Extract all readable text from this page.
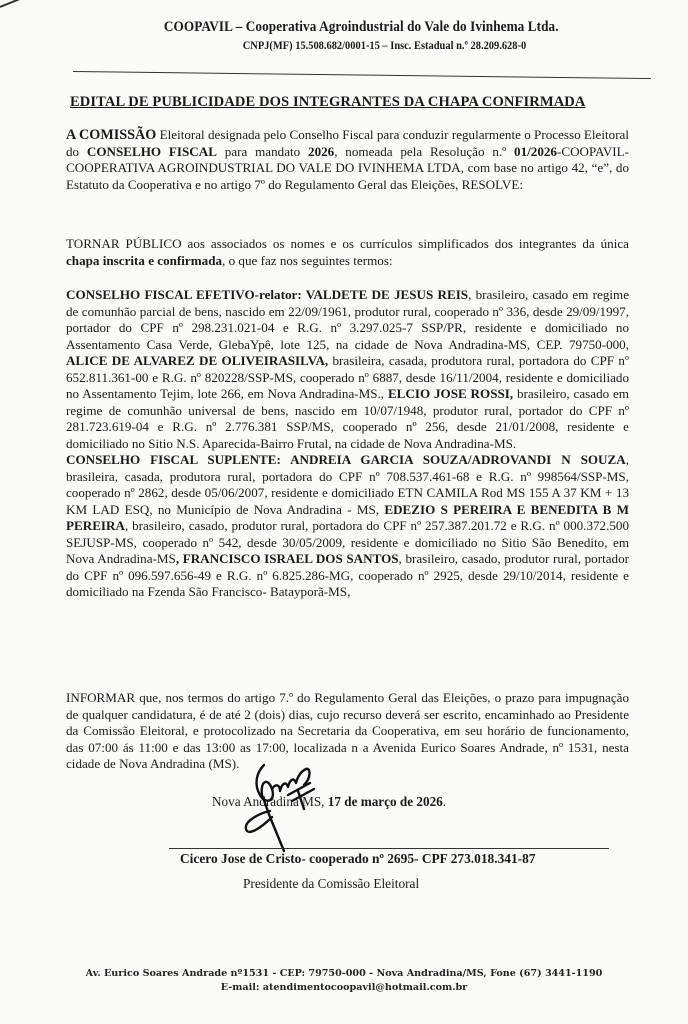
COOPAVIL – Cooperativa Agroindustrial do Vale do Ivinhema Ltda.
CNPJ(MF) 15.508.682/0001-15 – Insc. Estadual n.º 28.209.628-0
EDITAL DE PUBLICIDADE DOS INTEGRANTES DA CHAPA CONFIRMADA

A COMISSÃO Eleitoral designada pelo Conselho Fiscal para conduzir regularmente o Processo Eleitoral do CONSELHO FISCAL para mandato 2026, nomeada pela Resolução n.º 01/2026-COOPAVIL- COOPERATIVA AGROINDUSTRIAL DO VALE DO IVINHEMA LTDA, com base no artigo 42, “e”, do Estatuto da Cooperativa e no artigo 7º do Regulamento Geral das Eleições, RESOLVE:

TORNAR PÚBLICO aos associados os nomes e os currículos simplificados dos integrantes da única chapa inscrita e confirmada, o que faz nos seguintes termos:

CONSELHO FISCAL EFETIVO-relator: VALDETE DE JESUS REIS, brasileiro, casado em regime de comunhão parcial de bens, nascido em 22/09/1961, produtor rural, cooperado nº 336, desde 29/09/1997, portador do CPF nº 298.231.021-04 e R.G. nº 3.297.025-7 SSP/PR, residente e domiciliado no Assentamento Casa Verde, GlebaYpê, lote 125, na cidade de Nova Andradina-MS, CEP. 79750-000, ALICE DE ALVAREZ DE OLIVEIRASILVA, brasileira, casada, produtora rural, portadora do CPF nº 652.811.361-00 e R.G. nº 820228/SSP-MS, cooperado nº 6887, desde 16/11/2004, residente e domiciliado no Assentamento Tejim, lote 266, em Nova Andradina-MS., ELCIO JOSE ROSSI, brasileiro, casado em regime de comunhão universal de bens, nascido em 10/07/1948, produtor rural, portador do CPF nº 281.723.619-04 e R.G. nº 2.776.381 SSP/MS, cooperado nº 256, desde 21/01/2008, residente e domiciliado no Sitio N.S. Aparecida-Bairro Frutal, na cidade de Nova Andradina-MS.

CONSELHO FISCAL SUPLENTE: ANDREIA GARCIA SOUZA/ADROVANDI N SOUZA, brasileira, casada, produtora rural, portadora do CPF nº 708.537.461-68 e R.G. nº 998564/SSP-MS, cooperado nº 2862, desde 05/06/2007, residente e domiciliado ETN CAMILA Rod MS 155 A 37 KM + 13 KM LAD ESQ, no Município de Nova Andradina - MS, EDEZIO S PEREIRA E BENEDITA B M PEREIRA, brasileiro, casado, produtor rural, portadora do CPF nº 257.387.201.72 e R.G. nº 000.372.500 SEJUSP-MS, cooperado nº 542, desde 30/05/2009, residente e domiciliado no Sitio São Benedito, em Nova Andradina-MS, FRANCISCO ISRAEL DOS SANTOS, brasileiro, casado, produtor rural, portador do CPF nº 096.597.656-49 e R.G. nº 6.825.286-MG, cooperado nº 2925, desde 29/10/2014, residente e domiciliado na Fzenda São Francisco- Batayporã-MS,

INFORMAR que, nos termos do artigo 7.º do Regulamento Geral das Eleições, o prazo para impugnação de qualquer candidatura, é de até 2 (dois) dias, cujo recurso deverá ser escrito, encaminhado ao Presidente da Comissão Eleitoral, e protocolizado na Secretaria da Cooperativa, em seu horário de funcionamento, das 07:00 ás 11:00 e das 13:00 as 17:00, localizada n a Avenida Eurico Soares Andrade, nº 1531, nesta cidade de Nova Andradina (MS).

Nova Andradina MS, 17 de março de 2026.
Cicero Jose de Cristo- cooperado nº 2695- CPF 273.018.341-87
Presidente da Comissão Eleitoral
Av. Eurico Soares Andrade nº1531 - CEP: 79750-000 - Nova Andradina/MS, Fone (67) 3441-1190
E-mail: atendimentocoopavil@hotmail.com.br
